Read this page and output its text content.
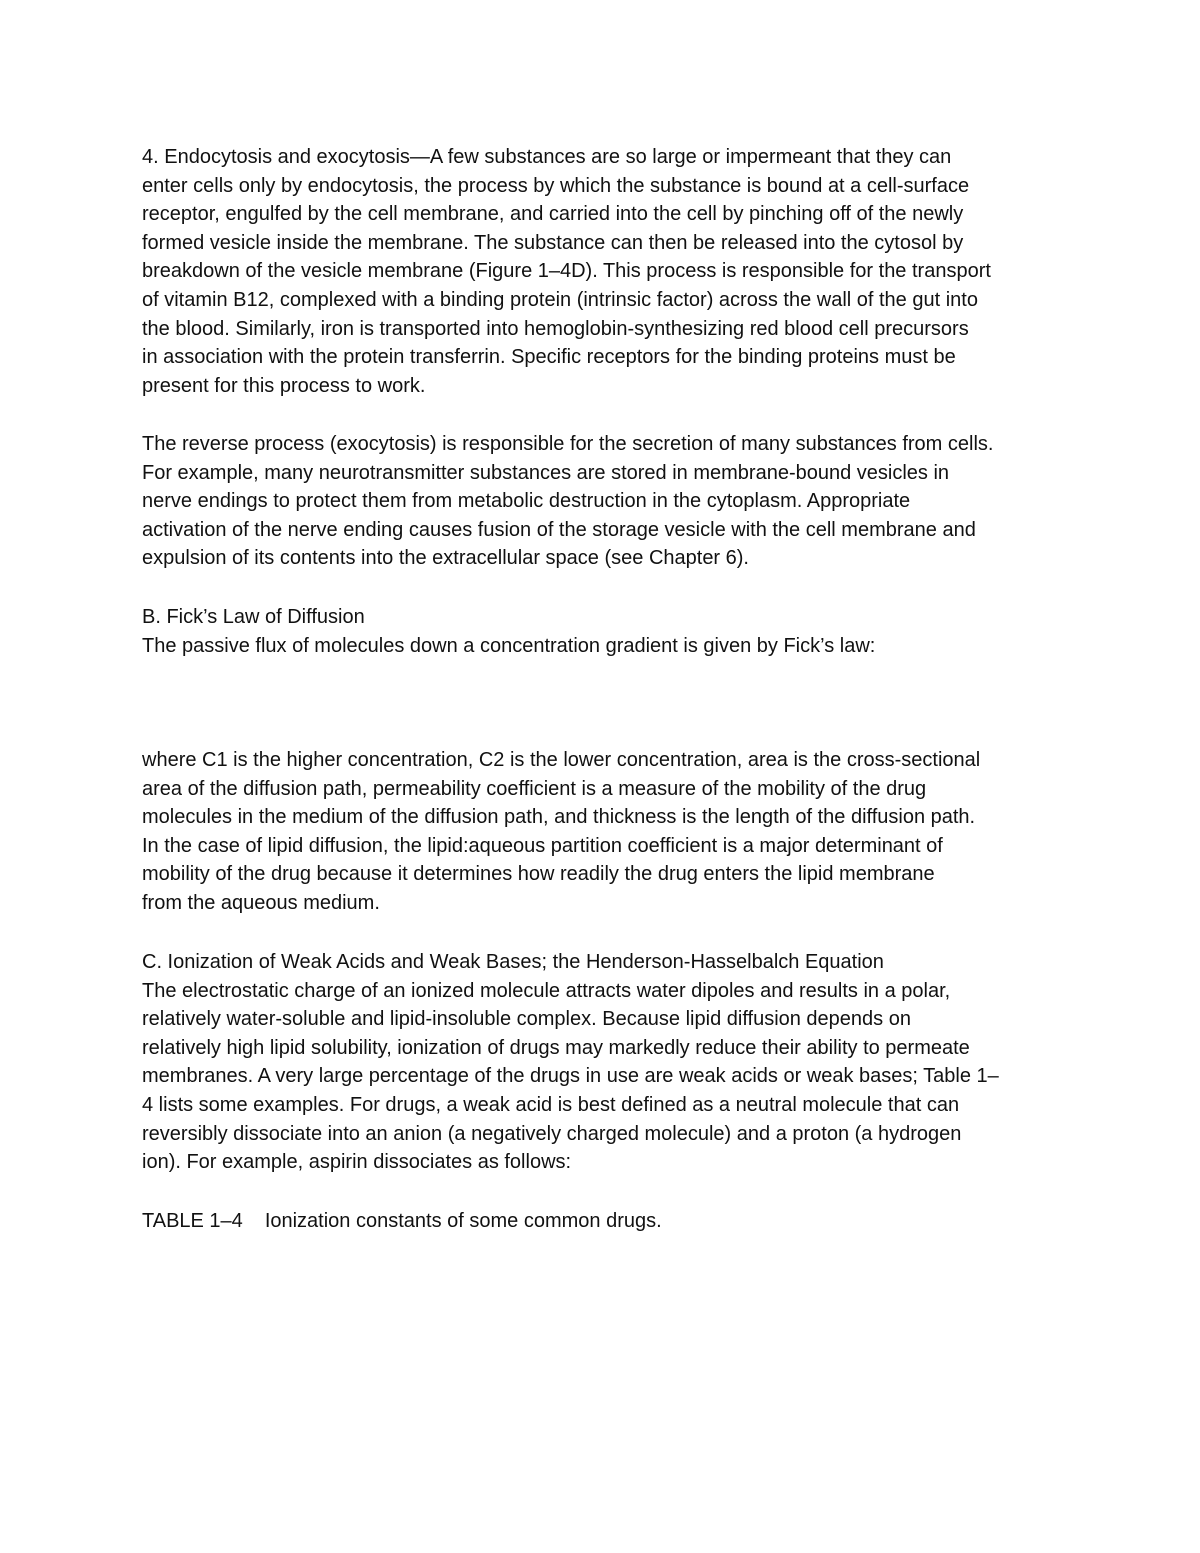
4. Endocytosis and exocytosis—A few substances are so large or impermeant that they can
enter cells only by endocytosis, the process by which the substance is bound at a cell-surface
receptor, engulfed by the cell membrane, and carried into the cell by pinching off of the newly
formed vesicle inside the membrane. The substance can then be released into the cytosol by
breakdown of the vesicle membrane (Figure 1–4D). This process is responsible for the transport
of vitamin B12, complexed with a binding protein (intrinsic factor) across the wall of the gut into
the blood. Similarly, iron is transported into hemoglobin-synthesizing red blood cell precursors
in association with the protein transferrin. Specific receptors for the binding proteins must be
present for this process to work.

The reverse process (exocytosis) is responsible for the secretion of many substances from cells.
For example, many neurotransmitter substances are stored in membrane-bound vesicles in
nerve endings to protect them from metabolic destruction in the cytoplasm. Appropriate
activation of the nerve ending causes fusion of the storage vesicle with the cell membrane and
expulsion of its contents into the extracellular space (see Chapter 6).

B. Fick’s Law of Diffusion
The passive flux of molecules down a concentration gradient is given by Fick’s law:

where C1 is the higher concentration, C2 is the lower concentration, area is the cross-sectional
area of the diffusion path, permeability coefficient is a measure of the mobility of the drug
molecules in the medium of the diffusion path, and thickness is the length of the diffusion path.
In the case of lipid diffusion, the lipid:aqueous partition coefficient is a major determinant of
mobility of the drug because it determines how readily the drug enters the lipid membrane
from the aqueous medium.

C. Ionization of Weak Acids and Weak Bases; the Henderson-Hasselbalch Equation
The electrostatic charge of an ionized molecule attracts water dipoles and results in a polar,
relatively water-soluble and lipid-insoluble complex. Because lipid diffusion depends on
relatively high lipid solubility, ionization of drugs may markedly reduce their ability to permeate
membranes. A very large percentage of the drugs in use are weak acids or weak bases; Table 1–
4 lists some examples. For drugs, a weak acid is best defined as a neutral molecule that can
reversibly dissociate into an anion (a negatively charged molecule) and a proton (a hydrogen
ion). For example, aspirin dissociates as follows:
TABLE 1–4 Ionization constants of some common drugs.
